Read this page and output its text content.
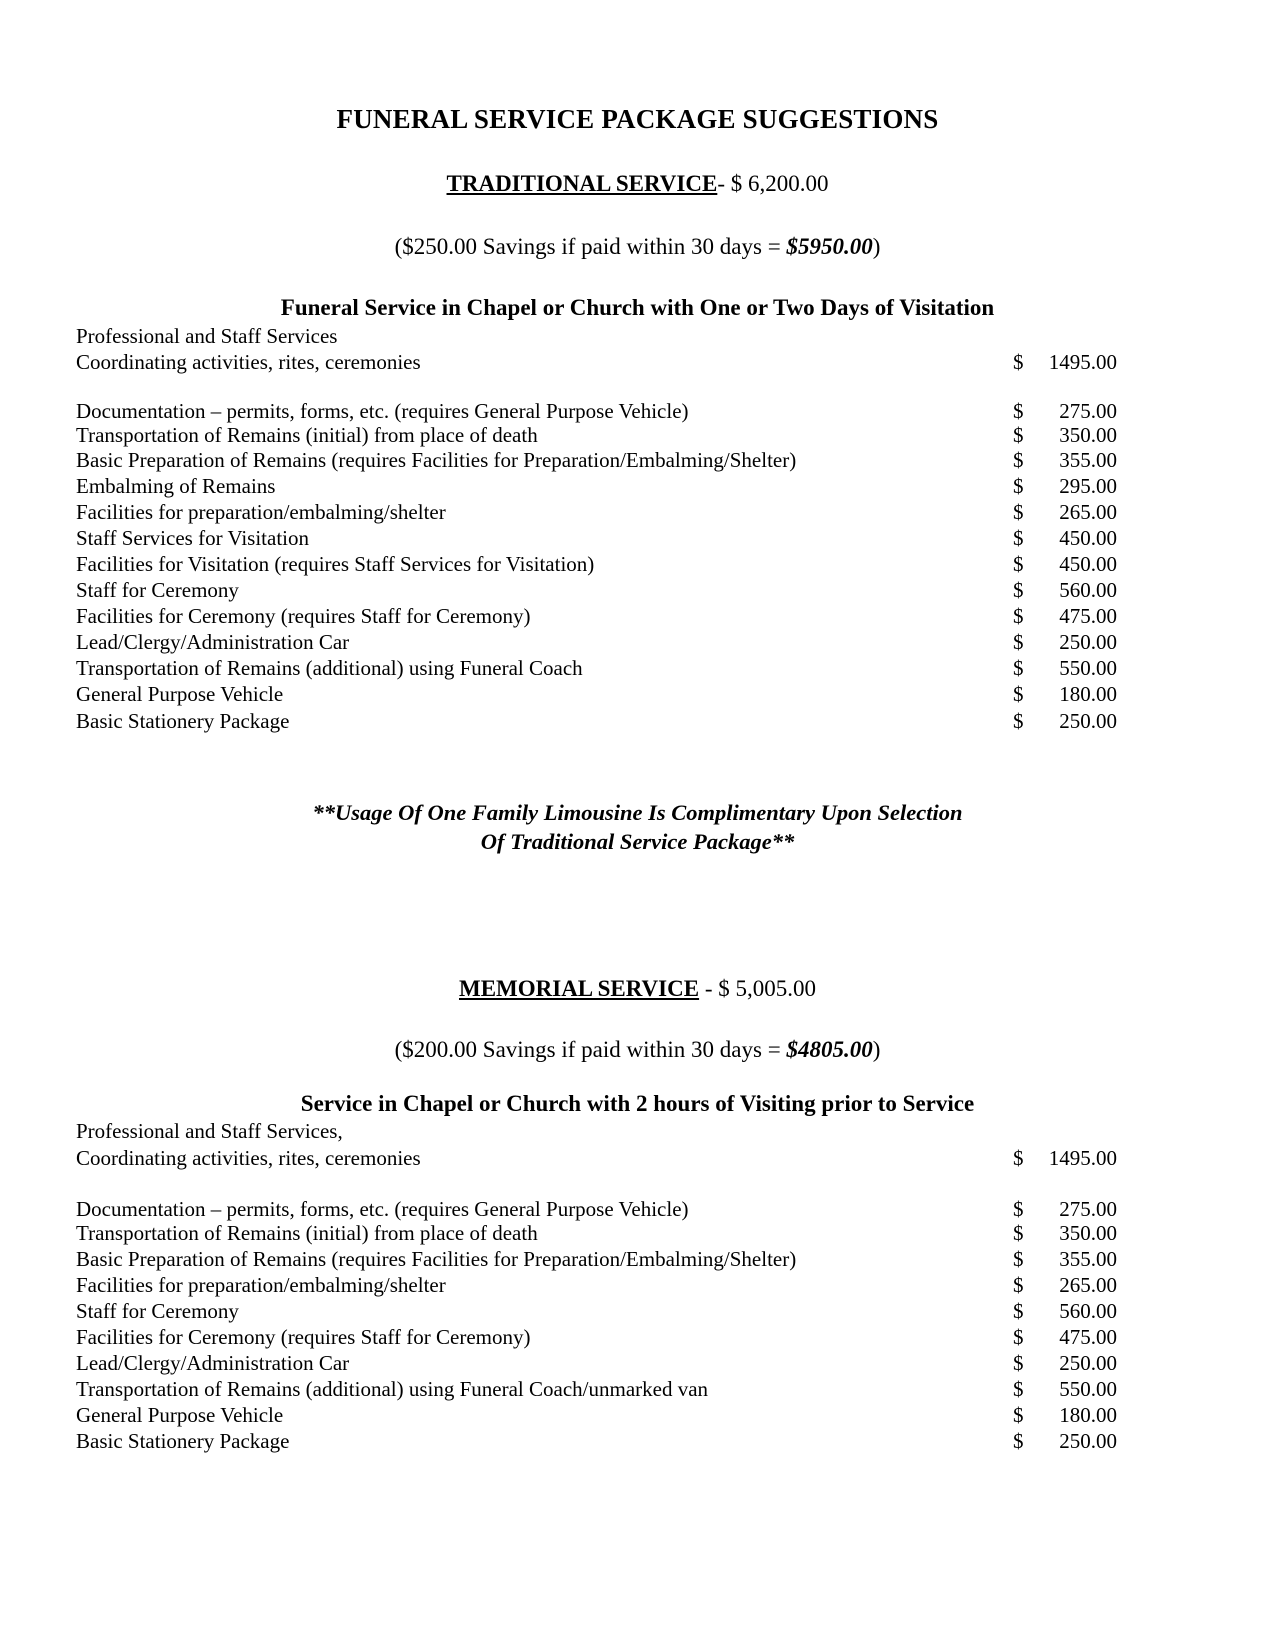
FUNERAL SERVICE PACKAGE SUGGESTIONS
TRADITIONAL SERVICE- $ 6,200.00
($250.00 Savings if paid within 30 days = $5950.00)
Funeral Service in Chapel or Church with One or Two Days of Visitation
Professional and Staff Services
Coordinating activities, rites, ceremonies	$	1495.00
Documentation – permits, forms, etc. (requires General Purpose Vehicle)	$	275.00
Transportation of Remains (initial) from place of death	$	350.00
Basic Preparation of Remains (requires Facilities for Preparation/Embalming/Shelter)	$	355.00
Embalming of Remains	$	295.00
Facilities for preparation/embalming/shelter	$	265.00
Staff Services for Visitation	$	450.00
Facilities for Visitation (requires Staff Services for Visitation)	$	450.00
Staff for Ceremony	$	560.00
Facilities for Ceremony (requires Staff for Ceremony)	$	475.00
Lead/Clergy/Administration Car	$	250.00
Transportation of Remains (additional) using Funeral Coach	$	550.00
General Purpose Vehicle	$	180.00
Basic Stationery Package	$	250.00
**Usage Of One Family Limousine Is Complimentary Upon Selection
Of Traditional Service Package**
MEMORIAL SERVICE - $ 5,005.00
($200.00 Savings if paid within 30 days = $4805.00)
Service in Chapel or Church with 2 hours of Visiting prior to Service
Professional and Staff Services,
Coordinating activities, rites, ceremonies	$	1495.00
Documentation – permits, forms, etc. (requires General Purpose Vehicle)	$	275.00
Transportation of Remains (initial) from place of death	$	350.00
Basic Preparation of Remains (requires Facilities for Preparation/Embalming/Shelter)	$	355.00
Facilities for preparation/embalming/shelter	$	265.00
Staff for Ceremony	$	560.00
Facilities for Ceremony (requires Staff for Ceremony)	$	475.00
Lead/Clergy/Administration Car	$	250.00
Transportation of Remains (additional) using Funeral Coach/unmarked van	$	550.00
General Purpose Vehicle	$	180.00
Basic Stationery Package	$	250.00
